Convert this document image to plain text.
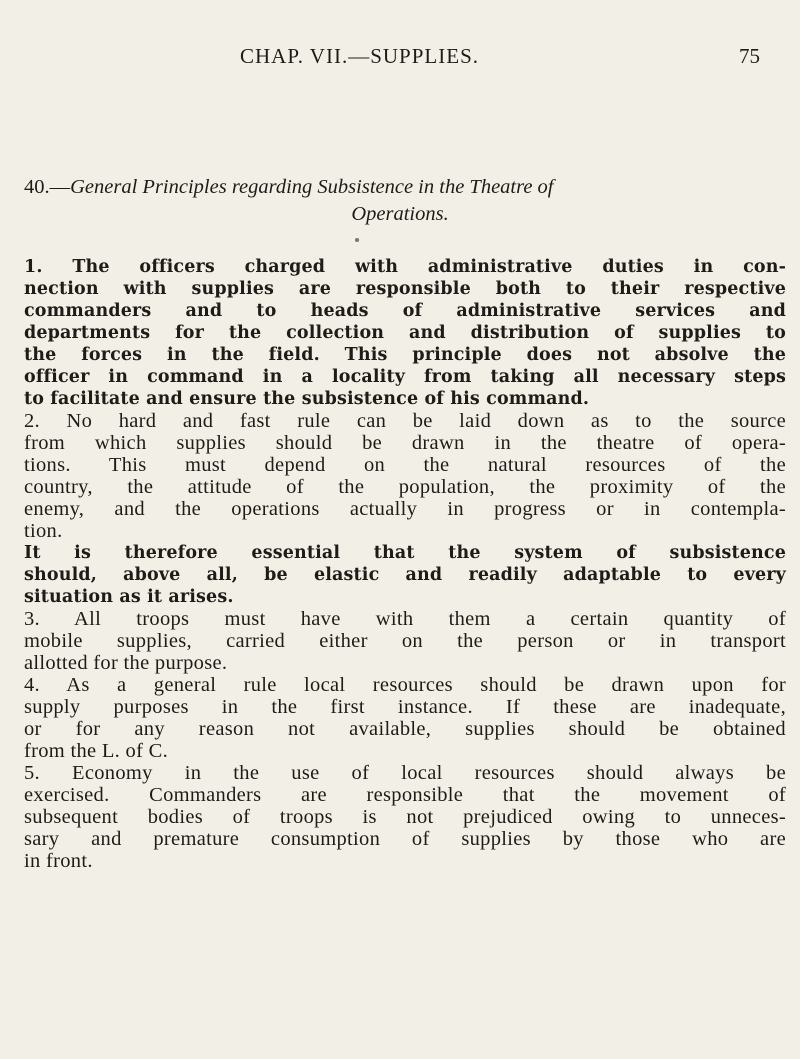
CHAP. VII.—SUPPLIES.	75
40.—General Principles regarding Subsistence in the Theatre of
Operations.
1. The officers charged with administrative duties in con-
nection with supplies are responsible both to their respective
commanders and to heads of administrative services and
departments for the collection and distribution of supplies to
the forces in the field. This principle does not absolve the
officer in command in a locality from taking all necessary steps
to facilitate and ensure the subsistence of his command.
2. No hard and fast rule can be laid down as to the source
from which supplies should be drawn in the theatre of opera-
tions. This must depend on the natural resources of the
country, the attitude of the population, the proximity of the
enemy, and the operations actually in progress or in contempla-
tion.
It is therefore essential that the system of subsistence
should, above all, be elastic and readily adaptable to every
situation as it arises.
3. All troops must have with them a certain quantity of
mobile supplies, carried either on the person or in transport
allotted for the purpose.
4. As a general rule local resources should be drawn upon for
supply purposes in the first instance. If these are inadequate,
or for any reason not available, supplies should be obtained
from the L. of C.
5. Economy in the use of local resources should always be
exercised. Commanders are responsible that the movement of
subsequent bodies of troops is not prejudiced owing to unneces-
sary and premature consumption of supplies by those who are
in front.
